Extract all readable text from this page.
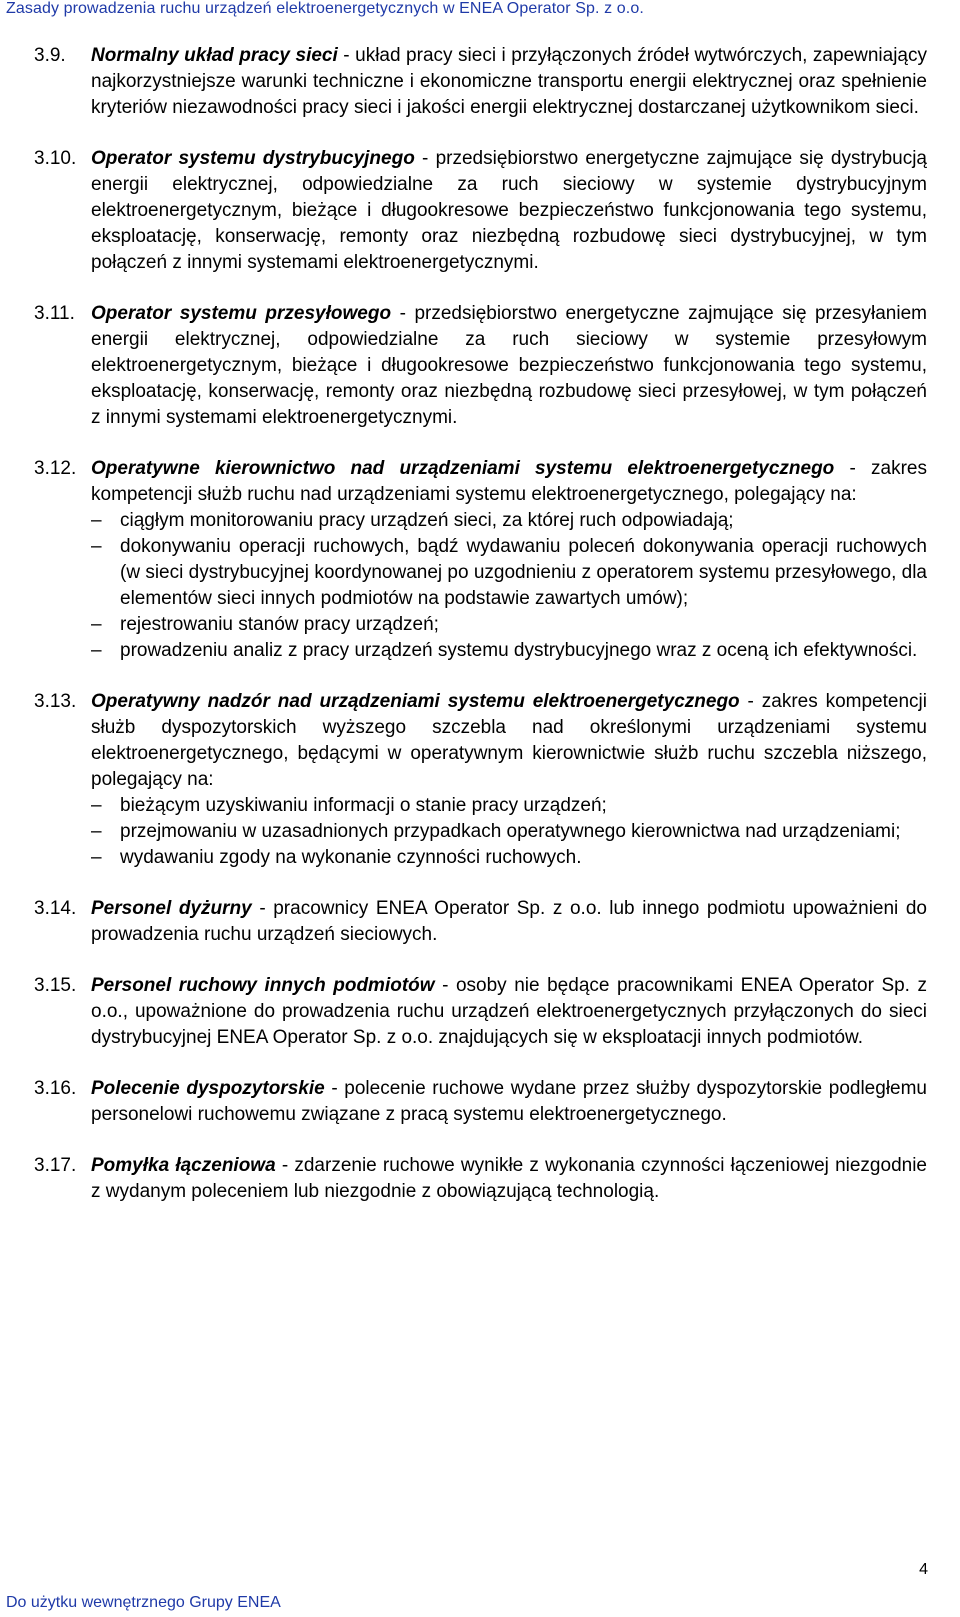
Zasady prowadzenia ruchu urządzeń elektroenergetycznych w ENEA Operator Sp. z o.o.
3.9.	Normalny układ pracy sieci - układ pracy sieci i przyłączonych źródeł wytwórczych, zapewniający najkorzystniejsze warunki techniczne i ekonomiczne transportu energii elektrycznej oraz spełnienie kryteriów niezawodności pracy sieci i jakości energii elektrycznej dostarczanej użytkownikom sieci.
3.10. Operator systemu dystrybucyjnego - przedsiębiorstwo energetyczne zajmujące się dystrybucją energii elektrycznej, odpowiedzialne za ruch sieciowy w systemie dystrybucyjnym elektroenergetycznym, bieżące i długookresowe bezpieczeństwo funkcjonowania tego systemu, eksploatację, konserwację, remonty oraz niezbędną rozbudowę sieci dystrybucyjnej, w tym połączeń z innymi systemami elektroenergetycznymi.
3.11. Operator systemu przesyłowego - przedsiębiorstwo energetyczne zajmujące się przesyłaniem energii elektrycznej, odpowiedzialne za ruch sieciowy w systemie przesyłowym elektroenergetycznym, bieżące i długookresowe bezpieczeństwo funkcjonowania tego systemu, eksploatację, konserwację, remonty oraz niezbędną rozbudowę sieci przesyłowej, w tym połączeń z innymi systemami elektroenergetycznymi.
3.12. Operatywne kierownictwo nad urządzeniami systemu elektroenergetycznego - zakres kompetencji służb ruchu nad urządzeniami systemu elektroenergetycznego, polegający na:
– ciągłym monitorowaniu pracy urządzeń sieci, za której ruch odpowiadają;
– dokonywaniu operacji ruchowych, bądź wydawaniu poleceń dokonywania operacji ruchowych (w sieci dystrybucyjnej koordynowanej po uzgodnieniu z operatorem systemu przesyłowego, dla elementów sieci innych podmiotów na podstawie zawartych umów);
– rejestrowaniu stanów pracy urządzeń;
– prowadzeniu analiz z pracy urządzeń systemu dystrybucyjnego wraz z oceną ich efektywności.
3.13. Operatywny nadzór nad urządzeniami systemu elektroenergetycznego - zakres kompetencji służb dyspozytorskich wyższego szczebla nad określonymi urządzeniami systemu elektroenergetycznego, będącymi w operatywnym kierownictwie służb ruchu szczebla niższego, polegający na:
– bieżącym uzyskiwaniu informacji o stanie pracy urządzeń;
– przejmowaniu w uzasadnionych przypadkach operatywnego kierownictwa nad urządzeniami;
– wydawaniu zgody na wykonanie czynności ruchowych.
3.14. Personel dyżurny - pracownicy ENEA Operator Sp. z o.o. lub innego podmiotu upoważnieni do prowadzenia ruchu urządzeń sieciowych.
3.15. Personel ruchowy innych podmiotów - osoby nie będące pracownikami ENEA Operator Sp. z o.o., upoważnione do prowadzenia ruchu urządzeń elektroenergetycznych przyłączonych do sieci dystrybucyjnej ENEA Operator Sp. z o.o. znajdujących się w eksploatacji innych podmiotów.
3.16. Polecenie dyspozytorskie - polecenie ruchowe wydane przez służby dyspozytorskie podległemu personelowi ruchowemu związane z pracą systemu elektroenergetycznego.
3.17. Pomyłka łączeniowa - zdarzenie ruchowe wynikłe z wykonania czynności łączeniowej niezgodnie z wydanym poleceniem lub niezgodnie z obowiązującą technologią.
4
Do użytku wewnętrznego Grupy ENEA
